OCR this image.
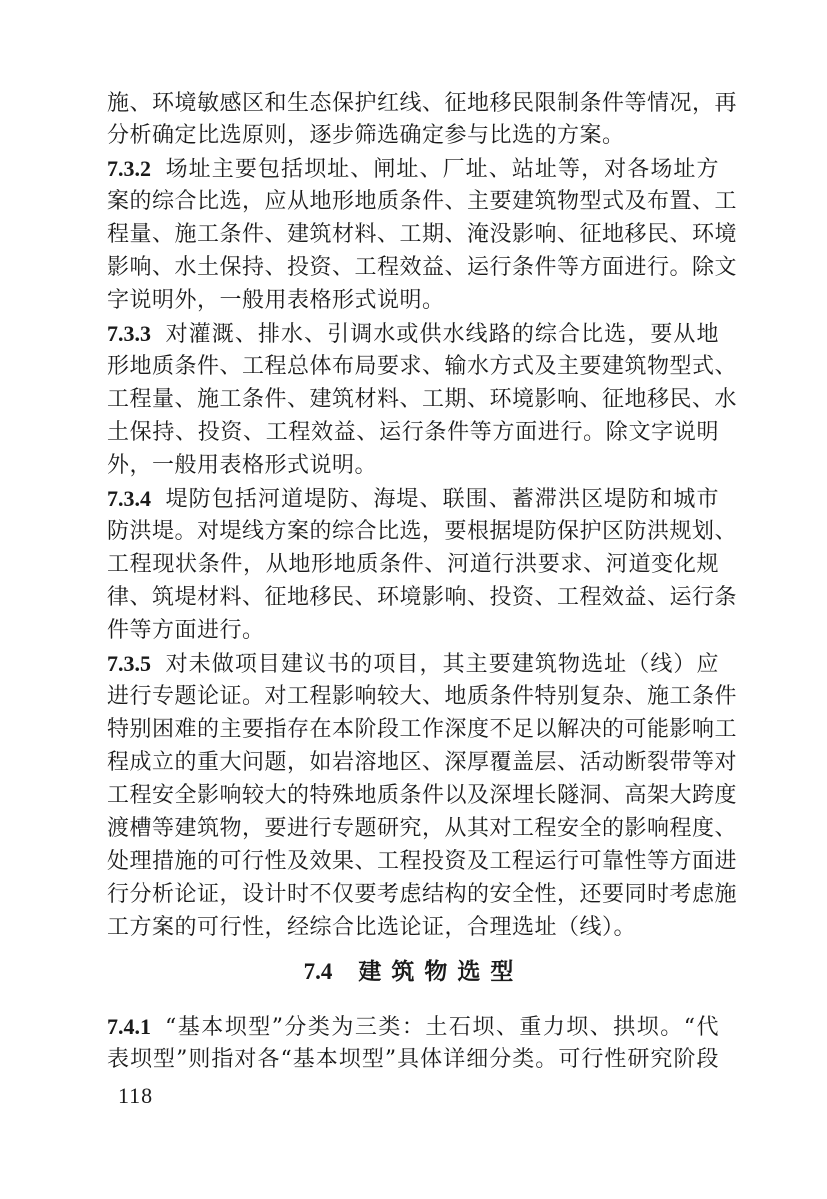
施、环境敏感区和生态保护红线、征地移民限制条件等情况，再
分析确定比选原则，逐步筛选确定参与比选的方案。
7.3.2 场址主要包括坝址、闸址、厂址、站址等，对各场址方
案的综合比选，应从地形地质条件、主要建筑物型式及布置、工
程量、施工条件、建筑材料、工期、淹没影响、征地移民、环境
影响、水土保持、投资、工程效益、运行条件等方面进行。除文
字说明外，一般用表格形式说明。
7.3.3 对灌溉、排水、引调水或供水线路的综合比选，要从地
形地质条件、工程总体布局要求、输水方式及主要建筑物型式、
工程量、施工条件、建筑材料、工期、环境影响、征地移民、水
土保持、投资、工程效益、运行条件等方面进行。除文字说明
外，一般用表格形式说明。
7.3.4 堤防包括河道堤防、海堤、联围、蓄滞洪区堤防和城市
防洪堤。对堤线方案的综合比选，要根据堤防保护区防洪规划、
工程现状条件，从地形地质条件、河道行洪要求、河道变化规
律、筑堤材料、征地移民、环境影响、投资、工程效益、运行条
件等方面进行。
7.3.5 对未做项目建议书的项目，其主要建筑物选址（线）应
进行专题论证。对工程影响较大、地质条件特别复杂、施工条件
特别困难的主要指存在本阶段工作深度不足以解决的可能影响工
程成立的重大问题，如岩溶地区、深厚覆盖层、活动断裂带等对
工程安全影响较大的特殊地质条件以及深埋长隧洞、高架大跨度
渡槽等建筑物，要进行专题研究，从其对工程安全的影响程度、
处理措施的可行性及效果、工程投资及工程运行可靠性等方面进
行分析论证，设计时不仅要考虑结构的安全性，还要同时考虑施
工方案的可行性，经综合比选论证，合理选址（线）。
7.4 建筑物选型
7.4.1 “基本坝型”分类为三类：土石坝、重力坝、拱坝。“代
表坝型”则指对各“基本坝型”具体详细分类。可行性研究阶段
118
